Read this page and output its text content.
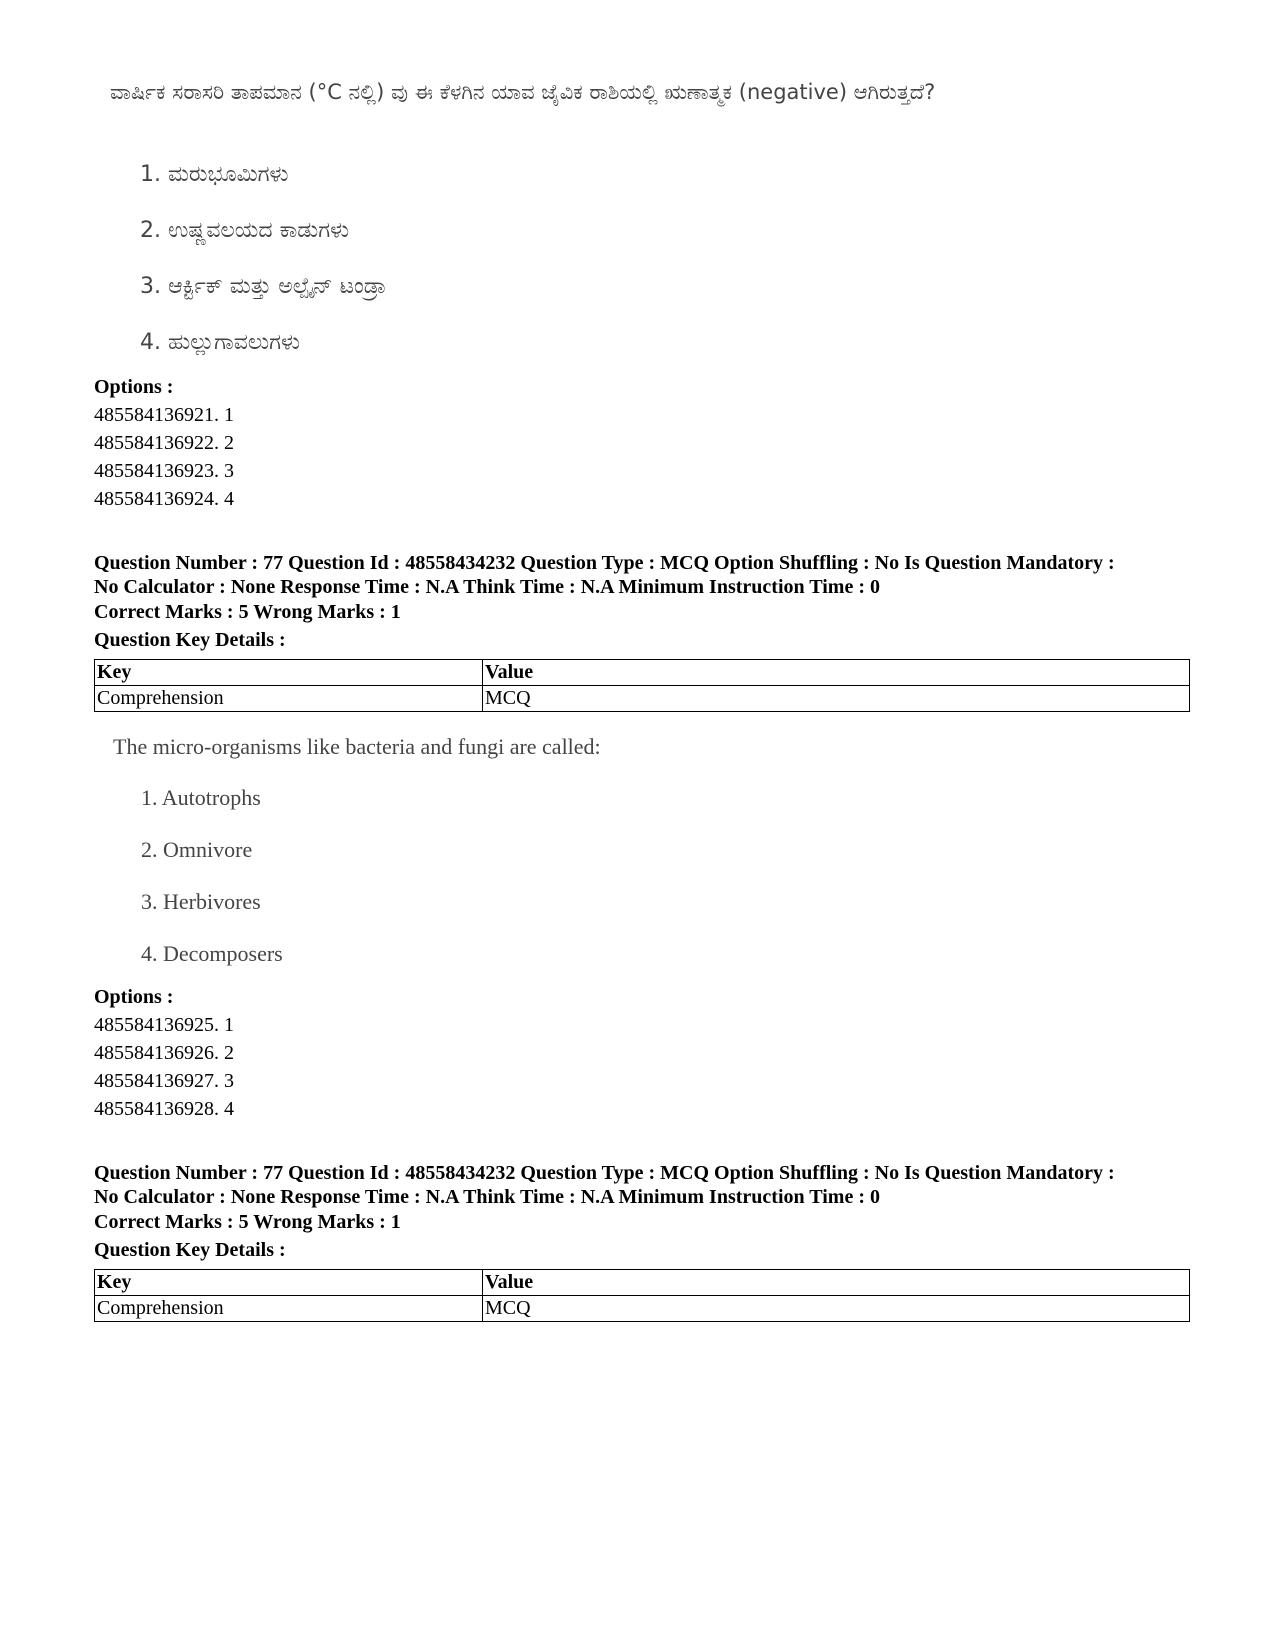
ವಾರ್ಷಿಕ ಸರಾಸರಿ ತಾಪಮಾನ (°C ನಲ್ಲಿ) ವು ಈ ಕೆಳಗಿನ ಯಾವ ಜೈವಿಕ ರಾಶಿಯಲ್ಲಿ ಋಣಾತ್ಮಕ (negative) ಆಗಿರುತ್ತದೆ?
1. ಮರುಭೂಮಿಗಳು
2. ಉಷ್ಣವಲಯದ ಕಾಡುಗಳು
3. ಆರ್ಕ್ಟಿಕ್ ಮತ್ತು ಅಲ್ಪೈನ್ ಟಂಡ್ರಾ
4. ಹುಲ್ಲುಗಾವಲುಗಳು
Options :
485584136921. 1
485584136922. 2
485584136923. 3
485584136924. 4
Question Number : 77 Question Id : 48558434232 Question Type : MCQ Option Shuffling : No Is Question Mandatory :
No Calculator : None Response Time : N.A Think Time : N.A Minimum Instruction Time : 0
Correct Marks : 5 Wrong Marks : 1
Question Key Details :
Key	Value
Comprehension	MCQ
The micro-organisms like bacteria and fungi are called:
1. Autotrophs
2. Omnivore
3. Herbivores
4. Decomposers
Options :
485584136925. 1
485584136926. 2
485584136927. 3
485584136928. 4
Question Number : 77 Question Id : 48558434232 Question Type : MCQ Option Shuffling : No Is Question Mandatory :
No Calculator : None Response Time : N.A Think Time : N.A Minimum Instruction Time : 0
Correct Marks : 5 Wrong Marks : 1
Question Key Details :
Key	Value
Comprehension	MCQ
